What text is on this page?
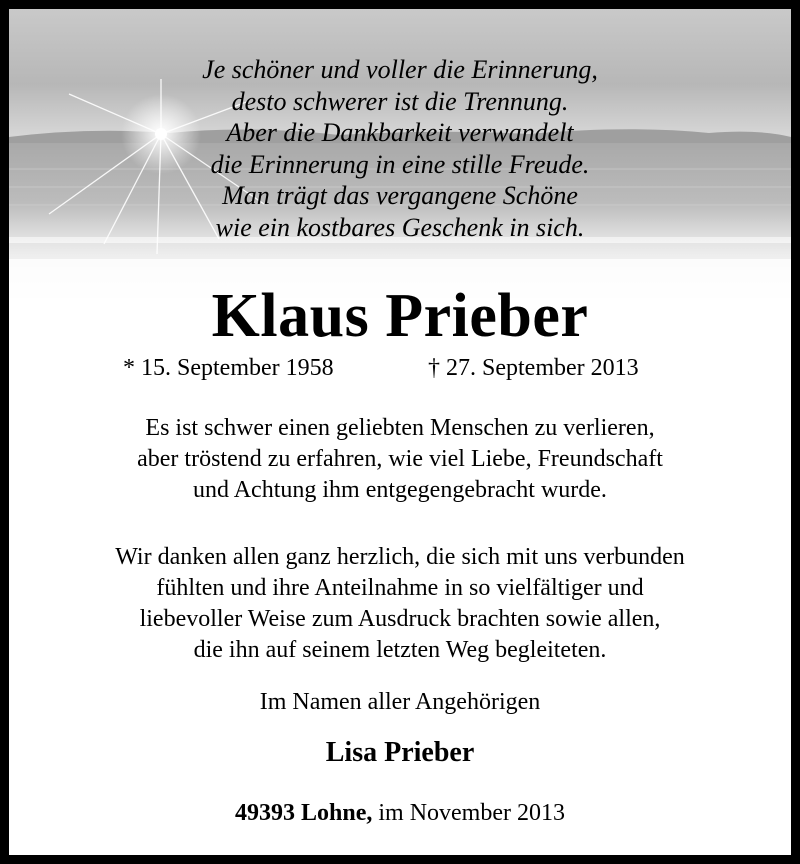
Je schöner und voller die Erinnerung,
desto schwerer ist die Trennung.
Aber die Dankbarkeit verwandelt
die Erinnerung in eine stille Freude.
Man trägt das vergangene Schöne
wie ein kostbares Geschenk in sich.
Klaus Prieber
* 15. September 1958	† 27. September 2013
Es ist schwer einen geliebten Menschen zu verlieren,
aber tröstend zu erfahren, wie viel Liebe, Freundschaft
und Achtung ihm entgegengebracht wurde.
Wir danken allen ganz herzlich, die sich mit uns verbunden
fühlten und ihre Anteilnahme in so vielfältiger und
liebevoller Weise zum Ausdruck brachten sowie allen,
die ihn auf seinem letzten Weg begleiteten.
Im Namen aller Angehörigen
Lisa Prieber
49393 Lohne, im November 2013
